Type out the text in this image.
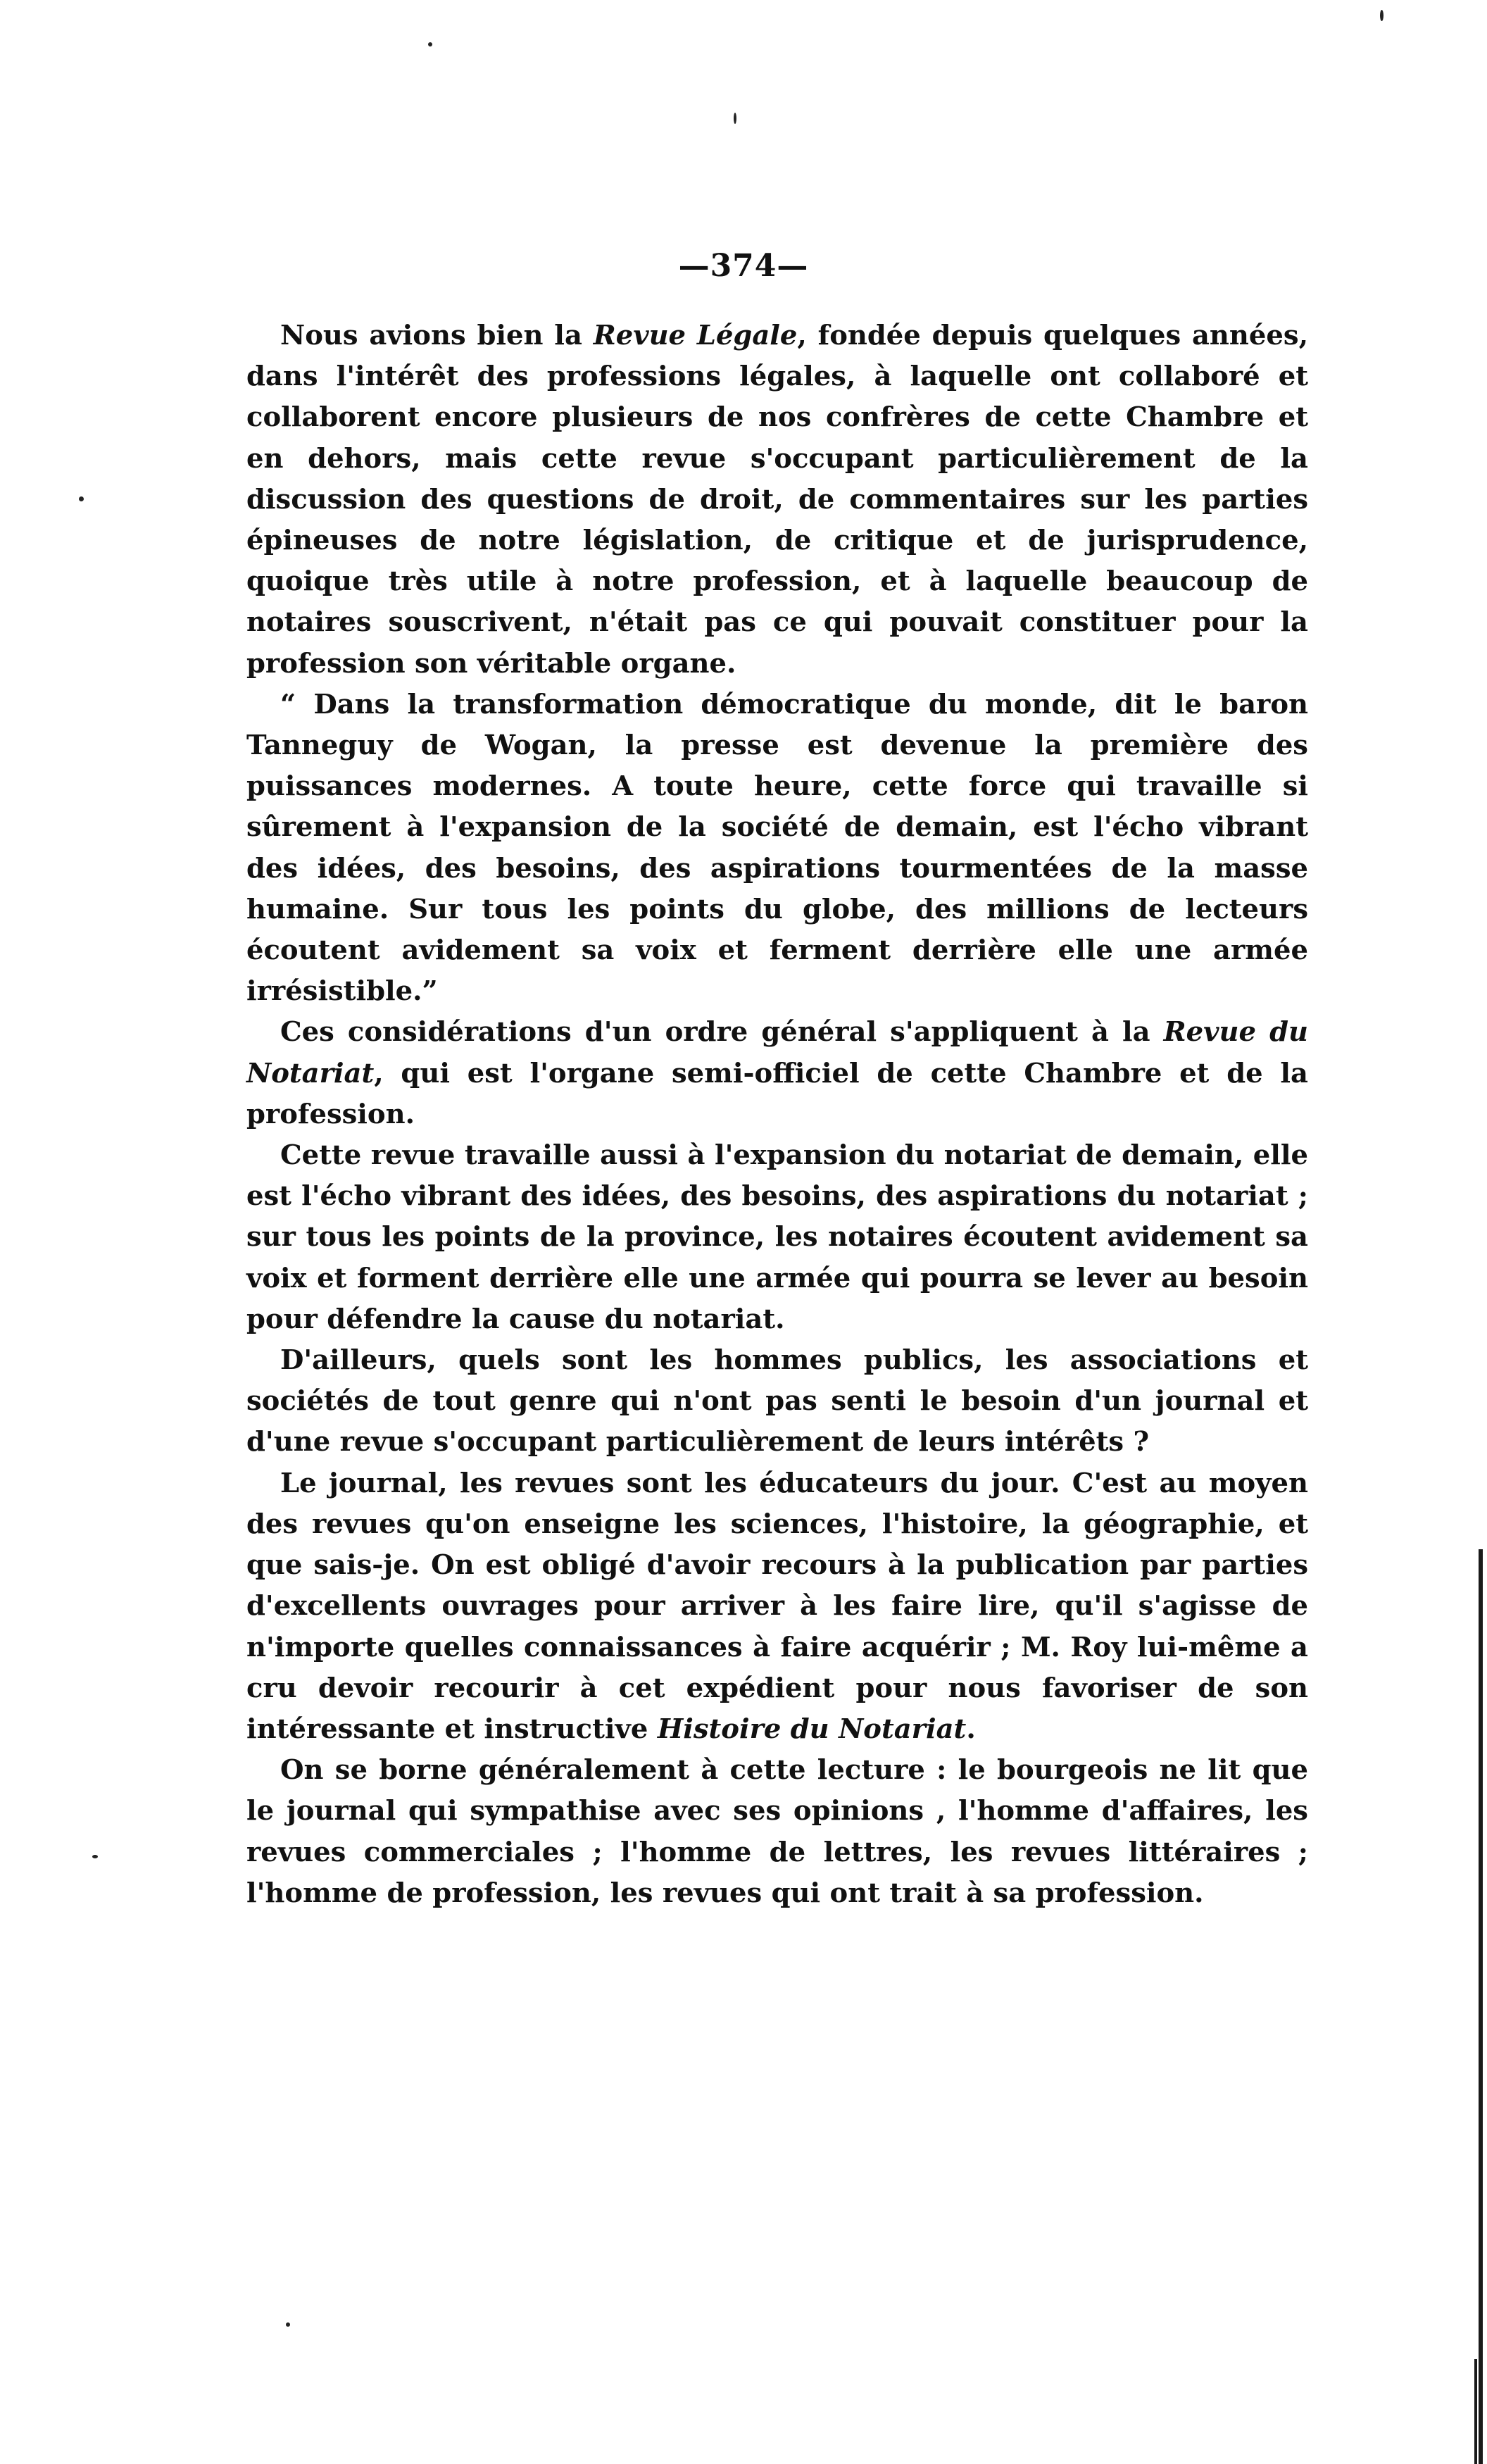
—374—

Nous avions bien la Revue Légale, fondée depuis quelques années, dans l'intérêt des professions légales, à laquelle ont collaboré et collaborent encore plusieurs de nos confrères de cette Chambre et en dehors, mais cette revue s'occupant particulièrement de la discussion des questions de droit, de commentaires sur les parties épineuses de notre législation, de critique et de jurisprudence, quoique très utile à notre profession, et à laquelle beaucoup de notaires souscrivent, n'était pas ce qui pouvait constituer pour la profession son véritable organe.

“ Dans la transformation démocratique du monde, dit le baron Tanneguy de Wogan, la presse est devenue la première des puissances modernes. A toute heure, cette force qui travaille si sûrement à l'expansion de la société de demain, est l'écho vibrant des idées, des besoins, des aspirations tourmentées de la masse humaine. Sur tous les points du globe, des millions de lecteurs écoutent avidement sa voix et ferment derrière elle une armée irrésistible.”

Ces considérations d'un ordre général s'appliquent à la Revue du Notariat, qui est l'organe semi-officiel de cette Chambre et de la profession.

Cette revue travaille aussi à l'expansion du notariat de demain, elle est l'écho vibrant des idées, des besoins, des aspirations du notariat ; sur tous les points de la province, les notaires écoutent avidement sa voix et forment derrière elle une armée qui pourra se lever au besoin pour défendre la cause du notariat.

D'ailleurs, quels sont les hommes publics, les associations et sociétés de tout genre qui n'ont pas senti le besoin d'un journal et d'une revue s'occupant particulièrement de leurs intérêts ?

Le journal, les revues sont les éducateurs du jour. C'est au moyen des revues qu'on enseigne les sciences, l'histoire, la géographie, et que sais-je. On est obligé d'avoir recours à la publication par parties d'excellents ouvrages pour arriver à les faire lire, qu'il s'agisse de n'importe quelles connaissances à faire acquérir ; M. Roy lui-même a cru devoir recourir à cet expédient pour nous favoriser de son intéressante et instructive Histoire du Notariat.

On se borne généralement à cette lecture : le bourgeois ne lit que le journal qui sympathise avec ses opinions , l'homme d'affaires, les revues commerciales ; l'homme de lettres, les revues littéraires ; l'homme de profession, les revues qui ont trait à sa profession.
